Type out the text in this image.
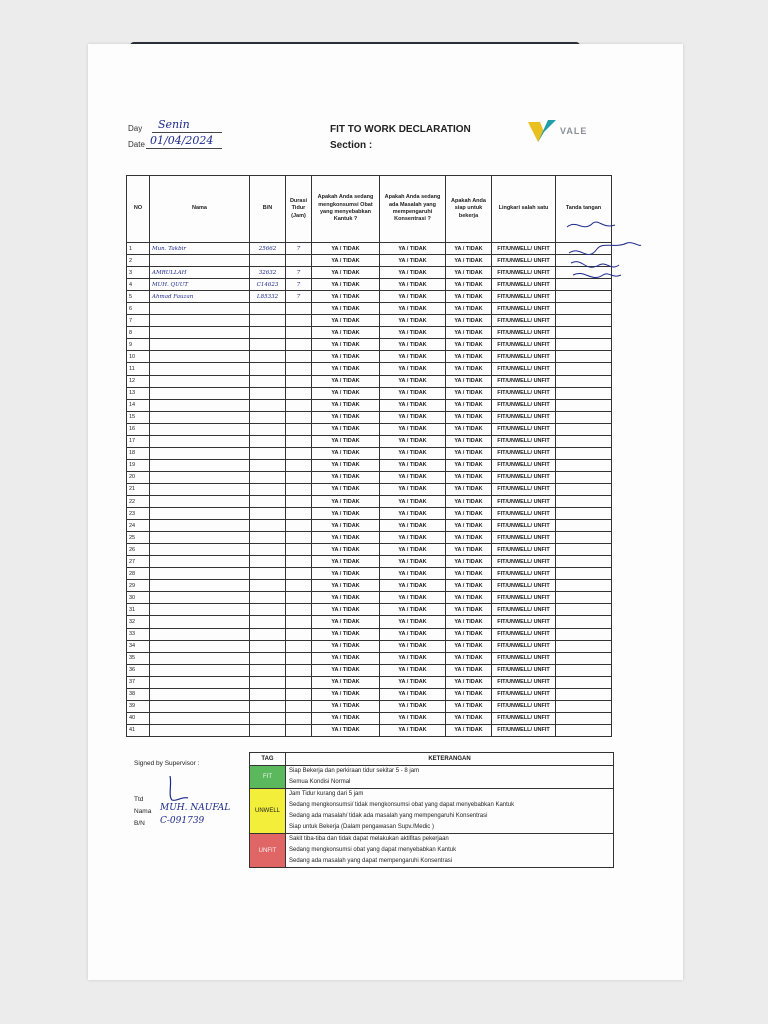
Day Senin
Date 01/04/2024
FIT TO WORK DECLARATION
Section :
VALE
NO	Nama	B/N	Durasi Tidur (Jam)	Apakah Anda sedang mengkonsumsi Obat yang menyebabkan Kantuk ?	Apakah Anda sedang ada Masalah yang mempengaruhi Konsentrasi ?	Apakah Anda siap untuk bekerja	Lingkari salah satu	Tanda tangan
1	Mun. Takbir	25662	7	YA / TIDAK	YA / TIDAK	YA / TIDAK	FIT/UNWELL/ UNFIT	
2				YA / TIDAK	YA / TIDAK	YA / TIDAK	FIT/UNWELL/ UNFIT	
3	AMRULLAH	32632	7	YA / TIDAK	YA / TIDAK	YA / TIDAK	FIT/UNWELL/ UNFIT	
4	MUH. QUUT	C14623	7	YA / TIDAK	YA / TIDAK	YA / TIDAK	FIT/UNWELL/ UNFIT	
5	Ahmad Fauzan	L85332	7	YA / TIDAK	YA / TIDAK	YA / TIDAK	FIT/UNWELL/ UNFIT	
6				YA / TIDAK	YA / TIDAK	YA / TIDAK	FIT/UNWELL/ UNFIT	
7				YA / TIDAK	YA / TIDAK	YA / TIDAK	FIT/UNWELL/ UNFIT	
8				YA / TIDAK	YA / TIDAK	YA / TIDAK	FIT/UNWELL/ UNFIT	
9				YA / TIDAK	YA / TIDAK	YA / TIDAK	FIT/UNWELL/ UNFIT	
10				YA / TIDAK	YA / TIDAK	YA / TIDAK	FIT/UNWELL/ UNFIT	
11				YA / TIDAK	YA / TIDAK	YA / TIDAK	FIT/UNWELL/ UNFIT	
12				YA / TIDAK	YA / TIDAK	YA / TIDAK	FIT/UNWELL/ UNFIT	
13				YA / TIDAK	YA / TIDAK	YA / TIDAK	FIT/UNWELL/ UNFIT	
14				YA / TIDAK	YA / TIDAK	YA / TIDAK	FIT/UNWELL/ UNFIT	
15				YA / TIDAK	YA / TIDAK	YA / TIDAK	FIT/UNWELL/ UNFIT	
16				YA / TIDAK	YA / TIDAK	YA / TIDAK	FIT/UNWELL/ UNFIT	
17				YA / TIDAK	YA / TIDAK	YA / TIDAK	FIT/UNWELL/ UNFIT	
18				YA / TIDAK	YA / TIDAK	YA / TIDAK	FIT/UNWELL/ UNFIT	
19				YA / TIDAK	YA / TIDAK	YA / TIDAK	FIT/UNWELL/ UNFIT	
20				YA / TIDAK	YA / TIDAK	YA / TIDAK	FIT/UNWELL/ UNFIT	
21				YA / TIDAK	YA / TIDAK	YA / TIDAK	FIT/UNWELL/ UNFIT	
22				YA / TIDAK	YA / TIDAK	YA / TIDAK	FIT/UNWELL/ UNFIT	
23				YA / TIDAK	YA / TIDAK	YA / TIDAK	FIT/UNWELL/ UNFIT	
24				YA / TIDAK	YA / TIDAK	YA / TIDAK	FIT/UNWELL/ UNFIT	
25				YA / TIDAK	YA / TIDAK	YA / TIDAK	FIT/UNWELL/ UNFIT	
26				YA / TIDAK	YA / TIDAK	YA / TIDAK	FIT/UNWELL/ UNFIT	
27				YA / TIDAK	YA / TIDAK	YA / TIDAK	FIT/UNWELL/ UNFIT	
28				YA / TIDAK	YA / TIDAK	YA / TIDAK	FIT/UNWELL/ UNFIT	
29				YA / TIDAK	YA / TIDAK	YA / TIDAK	FIT/UNWELL/ UNFIT	
30				YA / TIDAK	YA / TIDAK	YA / TIDAK	FIT/UNWELL/ UNFIT	
31				YA / TIDAK	YA / TIDAK	YA / TIDAK	FIT/UNWELL/ UNFIT	
32				YA / TIDAK	YA / TIDAK	YA / TIDAK	FIT/UNWELL/ UNFIT	
33				YA / TIDAK	YA / TIDAK	YA / TIDAK	FIT/UNWELL/ UNFIT	
34				YA / TIDAK	YA / TIDAK	YA / TIDAK	FIT/UNWELL/ UNFIT	
35				YA / TIDAK	YA / TIDAK	YA / TIDAK	FIT/UNWELL/ UNFIT	
36				YA / TIDAK	YA / TIDAK	YA / TIDAK	FIT/UNWELL/ UNFIT	
37				YA / TIDAK	YA / TIDAK	YA / TIDAK	FIT/UNWELL/ UNFIT	
38				YA / TIDAK	YA / TIDAK	YA / TIDAK	FIT/UNWELL/ UNFIT	
39				YA / TIDAK	YA / TIDAK	YA / TIDAK	FIT/UNWELL/ UNFIT	
40				YA / TIDAK	YA / TIDAK	YA / TIDAK	FIT/UNWELL/ UNFIT	
41				YA / TIDAK	YA / TIDAK	YA / TIDAK	FIT/UNWELL/ UNFIT	
Signed by Supervisor :
Ttd
Nama MUH. NAUFAL
B/N C-091739
TAG	KETERANGAN
FIT	Siap Bekerja dan perkiraan tidur sekitar 5 - 8 jam
Semua Kondisi Normal

UNWELL	Jam Tidur kurang dari 5 jam
Sedang mengkonsumsi/ tidak mengkonsumsi obat yang dapat menyebabkan Kantuk
Sedang ada masalah/ tidak ada masalah yang mempengaruhi Konsentrasi
Siap untuk Bekerja (Dalam pengawasan Supv./Medic )

UNFIT	Sakit tiba-tiba dan tidak dapat melakukan aktifitas pekerjaan
Sedang mengkonsumsi obat yang dapat menyebabkan Kantuk
Sedang ada masalah yang dapat mempengaruhi Konsentrasi
